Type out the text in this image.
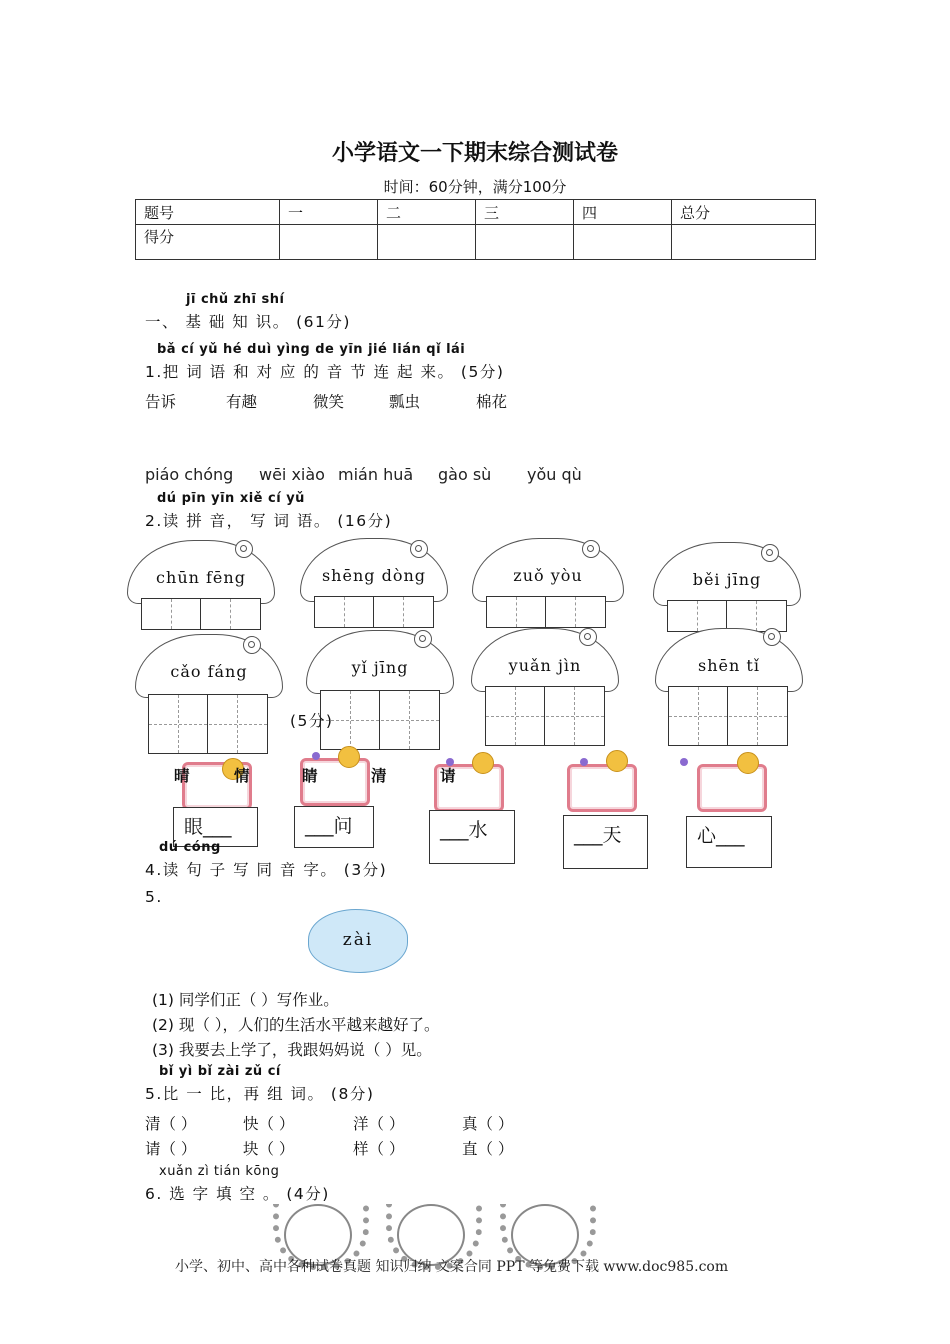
小学语文一下期末综合测试卷
时间：60分钟，满分100分
题号	一	二	三	四	总分
得分					
jī chǔ zhī shí
一、 基 础 知 识。 (61分)
bǎ cí yǔ hé duì yìng de yīn jié lián qǐ lái
1.把 词 语 和 对 应 的 音 节 连 起 来。 (5分)
告诉	有趣	微笑	瓢虫	棉花
piáo chóng wēi xiào mián huā gào sù yǒu qù
dú pīn yīn xiě cí yǔ
2.读 拼 音， 写 词 语。 (16分)
chūn fēng	shēng dòng	zuǒ yòu	běi jīng
cǎo fáng	yǐ jīng	yuǎn jìn	shēn tǐ
(5分)
晴	情	睛	清	请
眼___	___问	___水	___天	心___
dú cóng
4.读 句 子 写 同 音 字。 (3分)
5.
zài
(1) 同学们正（ ）写作业。
(2) 现（ ），人们的生活水平越来越好了。
(3) 我要去上学了，我跟妈妈说（ ）见。
bǐ yì bǐ zài zǔ cí
5.比 一 比，再 组 词。 (8分)
清（ ）	快（ ）	洋（ ）	真（ ）
请（ ）	块（ ）	样（ ）	直（ ）
xuǎn zì tián kōng
6. 选 字 填 空 。 (4分)
小学、初中、高中各种试卷真题 知识归纳 文案合同 PPT 等免费下载 www.doc985.com
